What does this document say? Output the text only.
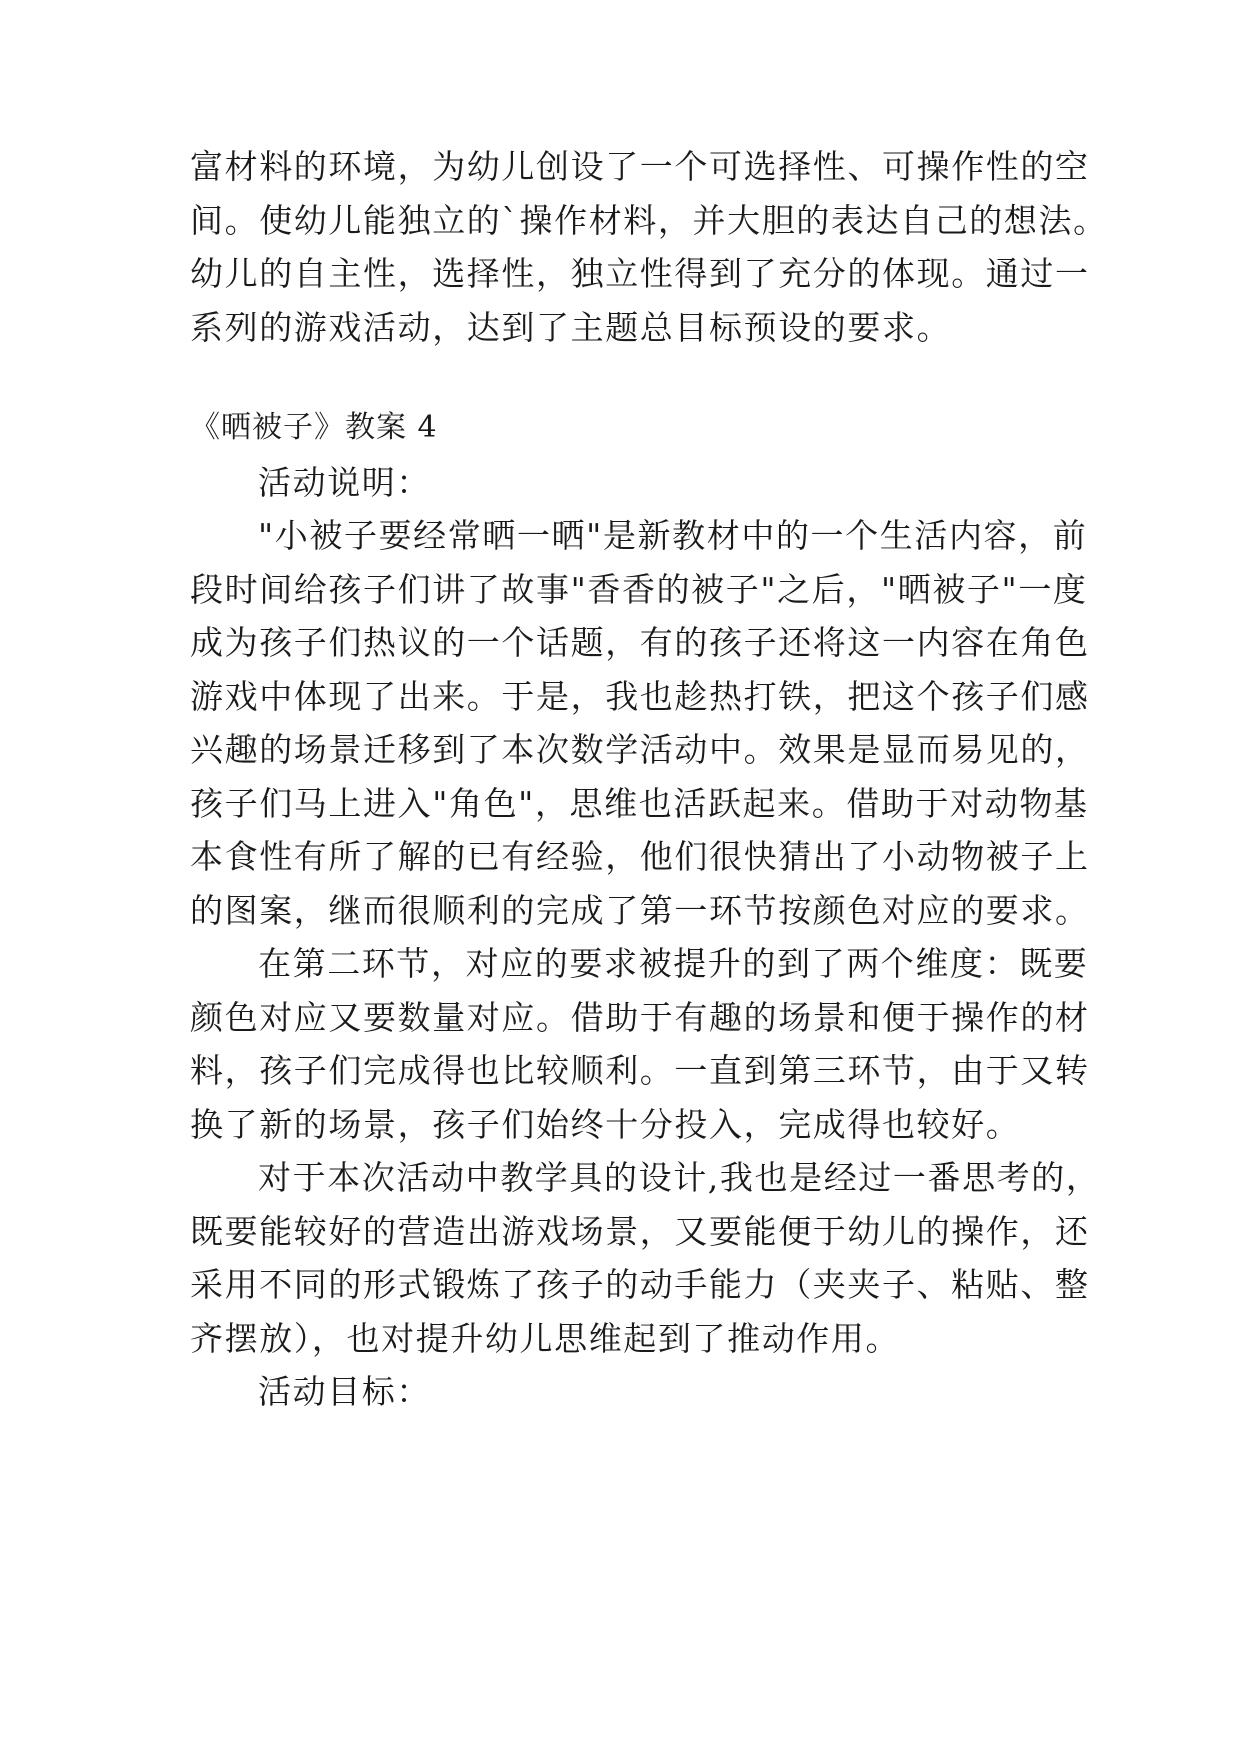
富材料的环境，为幼儿创设了一个可选择性、可操作性的空
间。使幼儿能独立的`操作材料，并大胆的表达自己的想法。
幼儿的自主性，选择性，独立性得到了充分的体现。通过一
系列的游戏活动，达到了主题总目标预设的要求。
《晒被子》教案 4
活动说明：
"小被子要经常晒一晒"是新教材中的一个生活内容，前
段时间给孩子们讲了故事"香香的被子"之后，"晒被子"一度
成为孩子们热议的一个话题，有的孩子还将这一内容在角色
游戏中体现了出来。于是，我也趁热打铁，把这个孩子们感
兴趣的场景迁移到了本次数学活动中。效果是显而易见的，
孩子们马上进入"角色"，思维也活跃起来。借助于对动物基
本食性有所了解的已有经验，他们很快猜出了小动物被子上
的图案，继而很顺利的完成了第一环节按颜色对应的要求。
在第二环节，对应的要求被提升的到了两个维度：既要
颜色对应又要数量对应。借助于有趣的场景和便于操作的材
料，孩子们完成得也比较顺利。一直到第三环节，由于又转
换了新的场景，孩子们始终十分投入，完成得也较好。
对于本次活动中教学具的设计,我也是经过一番思考的，
既要能较好的营造出游戏场景，又要能便于幼儿的操作，还
采用不同的形式锻炼了孩子的动手能力（夹夹子、粘贴、整
齐摆放），也对提升幼儿思维起到了推动作用。
活动目标：
